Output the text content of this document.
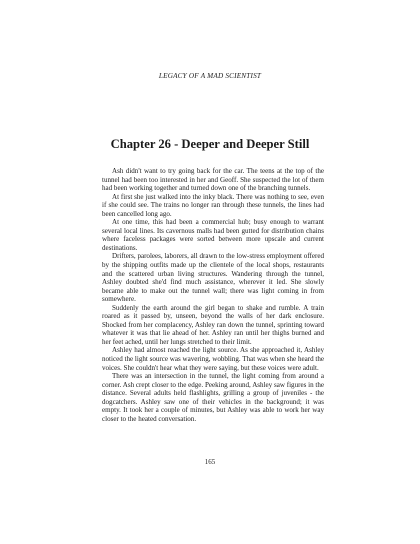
LEGACY OF A MAD SCIENTIST
Chapter 26 - Deeper and Deeper Still

Ash didn't want to try going back for the car. The teens at the top of the tunnel had been too interested in her and Geoff. She suspected the lot of them had been working together and turned down one of the branching tunnels.

At first she just walked into the inky black. There was nothing to see, even if she could see. The trains no longer ran through these tunnels, the lines had been cancelled long ago.

At one time, this had been a commercial hub; busy enough to warrant several local lines. Its cavernous malls had been gutted for distribution chains where faceless packages were sorted between more upscale and current destinations.

Drifters, parolees, laborers, all drawn to the low-stress employment offered by the shipping outfits made up the clientele of the local shops, restaurants and the scattered urban living structures. Wandering through the tunnel, Ashley doubted she'd find much assistance, wherever it led. She slowly became able to make out the tunnel wall; there was light coming in from somewhere.

Suddenly the earth around the girl began to shake and rumble. A train roared as it passed by, unseen, beyond the walls of her dark enclosure. Shocked from her complacency, Ashley ran down the tunnel, sprinting toward whatever it was that lie ahead of her. Ashley ran until her thighs burned and her feet ached, until her lungs stretched to their limit.

Ashley had almost reached the light source. As she approached it, Ashley noticed the light source was wavering, wobbling. That was when she heard the voices. She couldn't hear what they were saying, but these voices were adult.

There was an intersection in the tunnel, the light coming from around a corner. Ash crept closer to the edge. Peeking around, Ashley saw figures in the distance. Several adults held flashlights, grilling a group of juveniles - the dogcatchers. Ashley saw one of their vehicles in the background; it was empty. It took her a couple of minutes, but Ashley was able to work her way closer to the heated conversation.

165
